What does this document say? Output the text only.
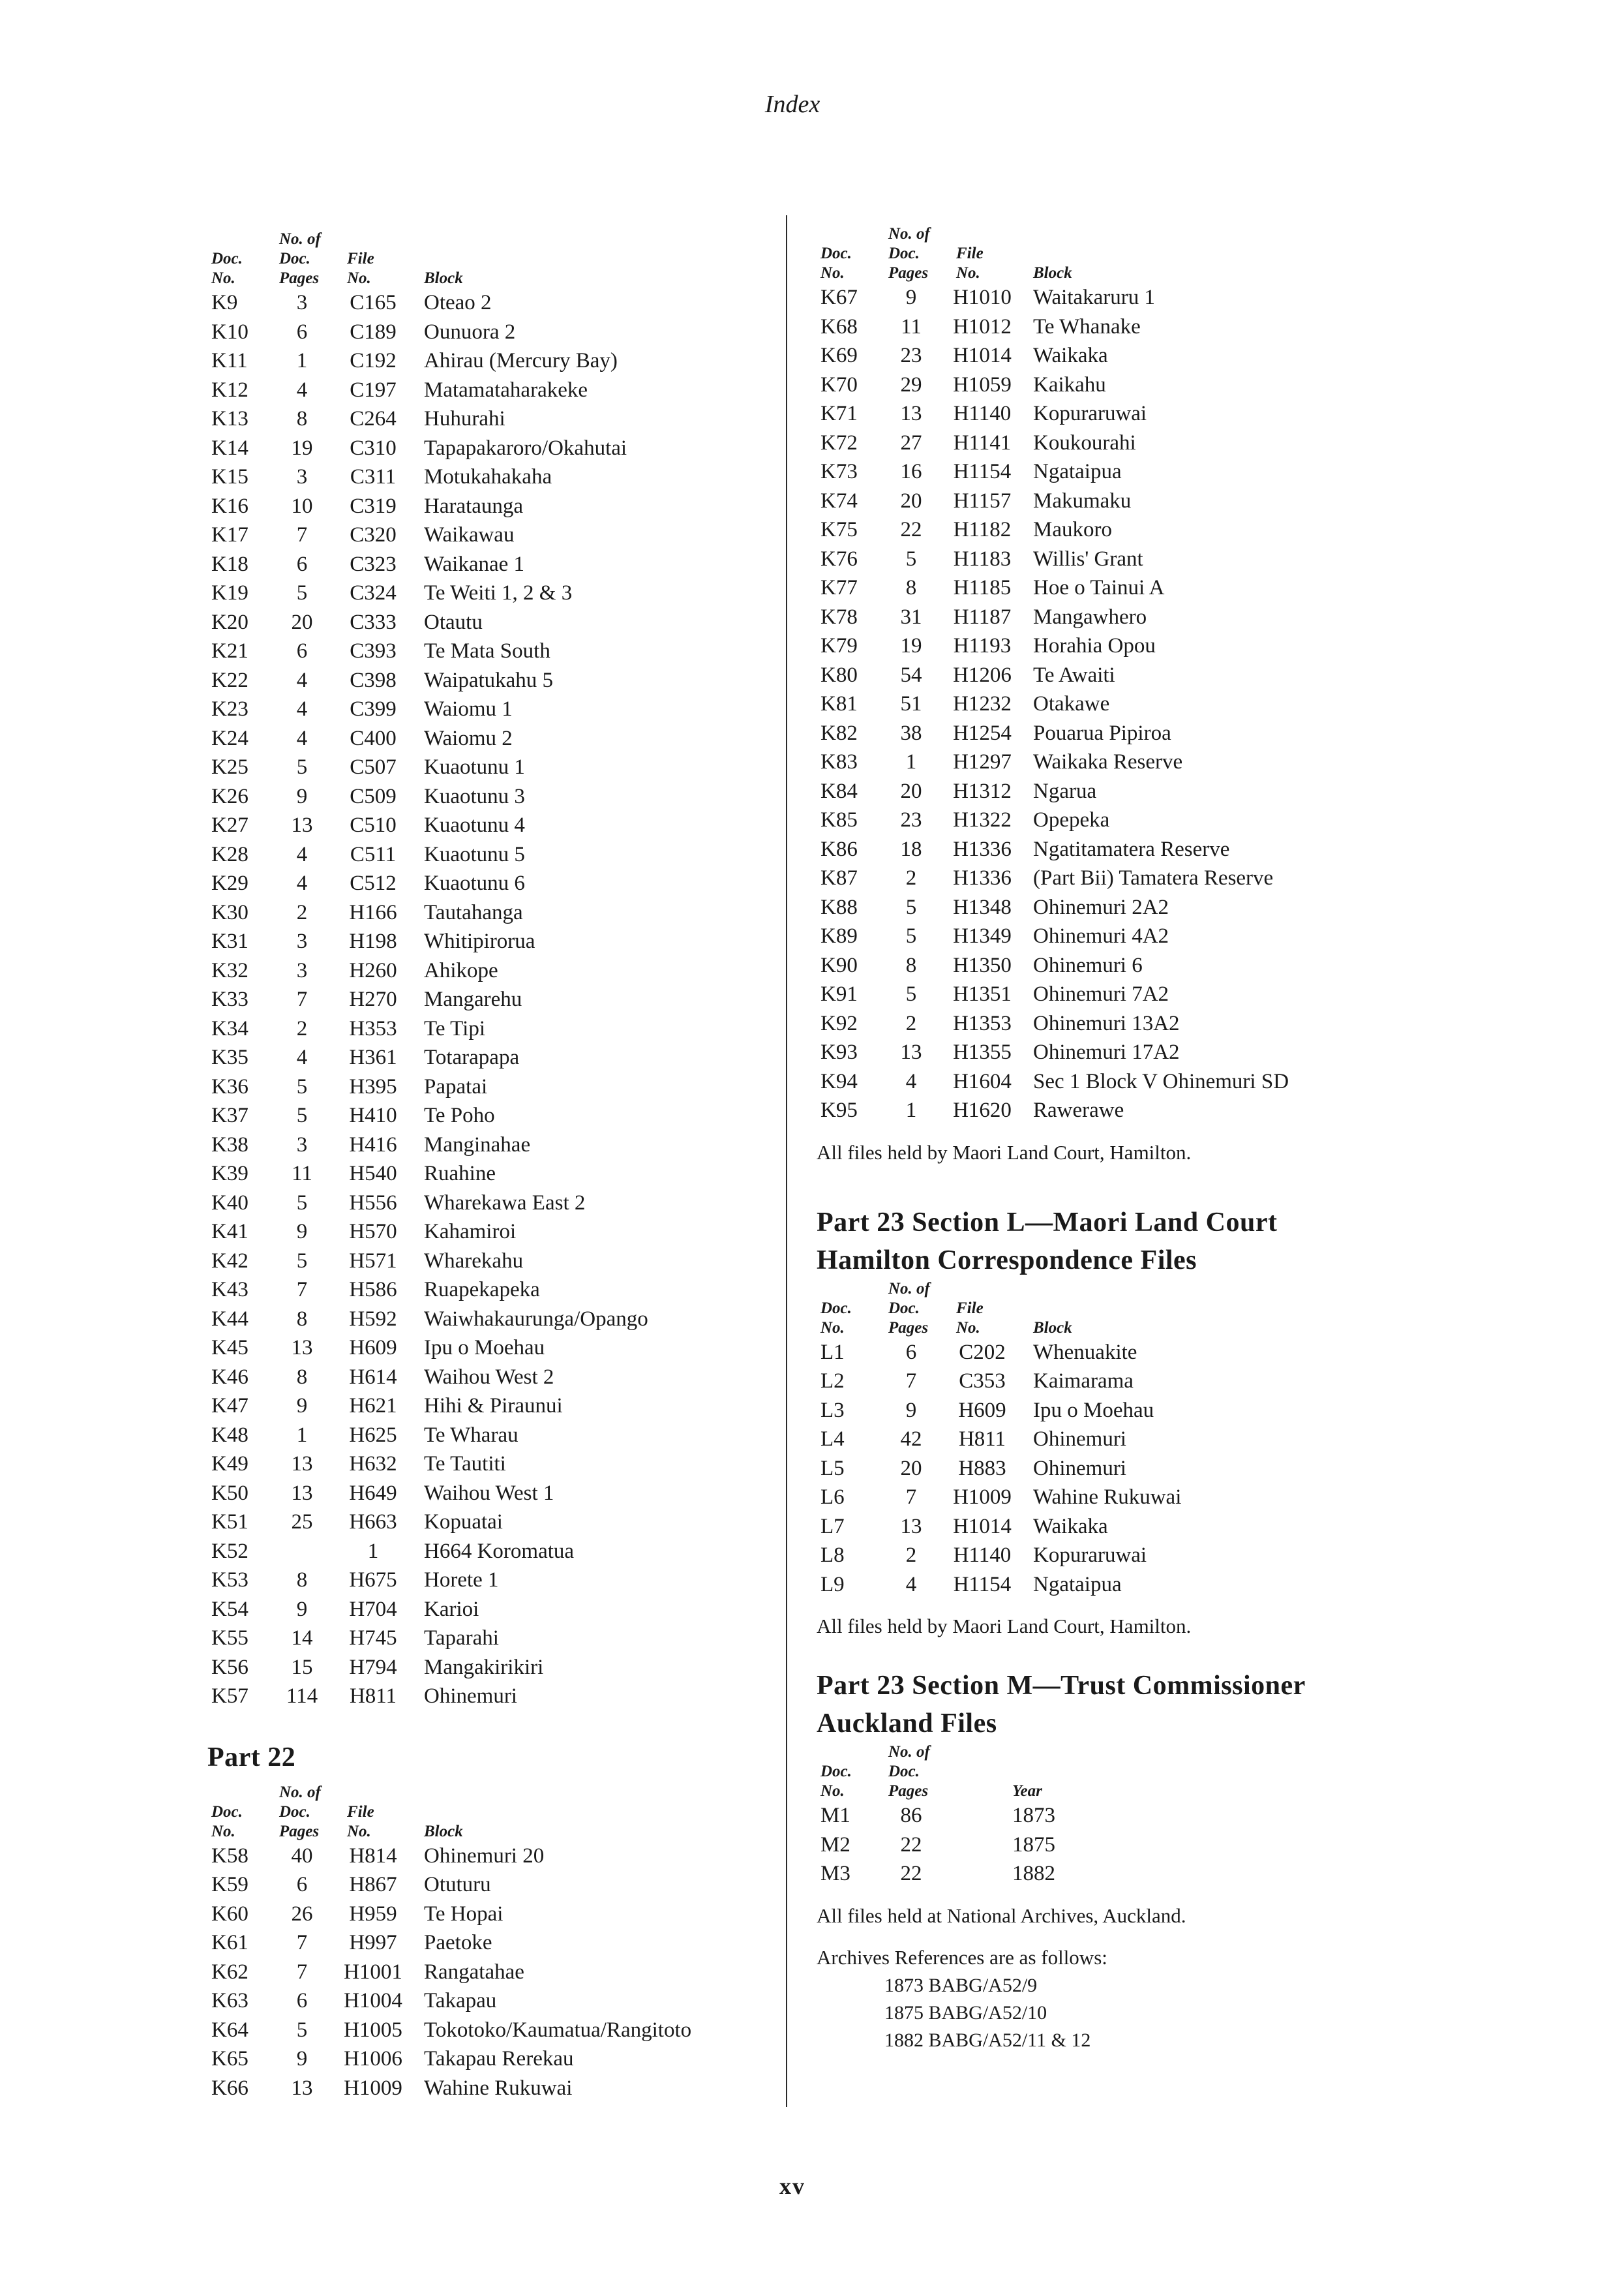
Index
Doc. No.
No. of Doc. Pages
File No.	Block
K9	3	C165	Oteao 2
K10	6	C189	Ounuora 2
K11	1	C192	Ahirau (Mercury Bay)
K12	4	C197	Matamataharakeke
K13	8	C264	Huhurahi
K14	19	C310	Tapapakaroro/Okahutai
K15	3	C311	Motukahakaha
K16	10	C319	Harataunga
K17	7	C320	Waikawau
K18	6	C323	Waikanae 1
K19	5	C324	Te Weiti 1, 2 & 3
K20	20	C333	Otautu
K21	6	C393	Te Mata South
K22	4	C398	Waipatukahu 5
K23	4	C399	Waiomu 1
K24	4	C400	Waiomu 2
K25	5	C507	Kuaotunu 1
K26	9	C509	Kuaotunu 3
K27	13	C510	Kuaotunu 4
K28	4	C511	Kuaotunu 5
K29	4	C512	Kuaotunu 6
K30	2	H166	Tautahanga
K31	3	H198	Whitipirorua
K32	3	H260	Ahikope
K33	7	H270	Mangarehu
K34	2	H353	Te Tipi
K35	4	H361	Totarapapa
K36	5	H395	Papatai
K37	5	H410	Te Poho
K38	3	H416	Manginahae
K39	11	H540	Ruahine
K40	5	H556	Wharekawa East 2
K41	9	H570	Kahamiroi
K42	5	H571	Wharekahu
K43	7	H586	Ruapekapeka
K44	8	H592	Waiwhakaurunga/Opango
K45	13	H609	Ipu o Moehau
K46	8	H614	Waihou West 2
K47	9	H621	Hihi & Piraunui
K48	1	H625	Te Wharau
K49	13	H632	Te Tautiti
K50	13	H649	Waihou West 1
K51	25	H663	Kopuatai
K52	1	H664 Koromatua
K53	8	H675	Horete 1
K54	9	H704	Karioi
K55	14	H745	Taparahi
K56	15	H794	Mangakirikiri
K57	114	H811	Ohinemuri
Part 22
Doc. No.
No. of Doc. Pages
File No.	Block
K58	40	H814	Ohinemuri 20
K59	6	H867	Otuturu
K60	26	H959	Te Hopai
K61	7	H997	Paetoke
K62	7	H1001 Rangatahae
K63	6	H1004 Takapau
K64	5	H1005 Tokotoko/Kaumatua/Rangitoto
K65	9	H1006 Takapau Rerekau
K66	13	H1009 Wahine Rukuwai
Doc. No.
No. of Doc. Pages
File No.	Block
K67	9	H1010 Waitakaruru 1
K68	11	H1012 Te Whanake
K69	23	H1014 Waikaka
K70	29	H1059 Kaikahu
K71	13	H1140 Kopuraruwai
K72	27	H1141 Koukourahi
K73	16	H1154 Ngataipua
K74	20	H1157 Makumaku
K75	22	H1182 Maukoro
K76	5	H1183 Willis' Grant
K77	8	H1185 Hoe o Tainui A
K78	31	H1187 Mangawhero
K79	19	H1193 Horahia Opou
K80	54	H1206 Te Awaiti
K81	51	H1232 Otakawe
K82	38	H1254 Pouarua Pipiroa
K83	1	H1297 Waikaka Reserve
K84	20	H1312 Ngarua
K85	23	H1322 Opepeka
K86	18	H1336 Ngatitamatera Reserve
K87	2	H1336 (Part Bii) Tamatera Reserve
K88	5	H1348 Ohinemuri 2A2
K89	5	H1349 Ohinemuri 4A2
K90	8	H1350 Ohinemuri 6
K91	5	H1351 Ohinemuri 7A2
K92	2	H1353 Ohinemuri 13A2
K93	13	H1355 Ohinemuri 17A2
K94	4	H1604 Sec 1 Block V Ohinemuri SD
K95	1	H1620 Rawerawe
All files held by Maori Land Court, Hamilton.
Part 23 Section L—Maori Land Court
Hamilton Correspondence Files
Doc. No.
No. of Doc. Pages
File No.	Block
L1	6	C202	Whenuakite
L2	7	C353	Kaimarama
L3	9	H609	Ipu o Moehau
L4	42	H811	Ohinemuri
L5	20	H883	Ohinemuri
L6	7	H1009 Wahine Rukuwai
L7	13	H1014 Waikaka
L8	2	H1140 Kopuraruwai
L9	4	H1154 Ngataipua
All files held by Maori Land Court, Hamilton.
Part 23 Section M—Trust Commissioner
Auckland Files
Doc. No.
No. of Doc. Pages	Year
M1	86	1873
M2	22	1875
M3	22	1882
All files held at National Archives, Auckland.
Archives References are as follows:
1873 BABG/A52/9
1875 BABG/A52/10
1882 BABG/A52/11 & 12
xv
